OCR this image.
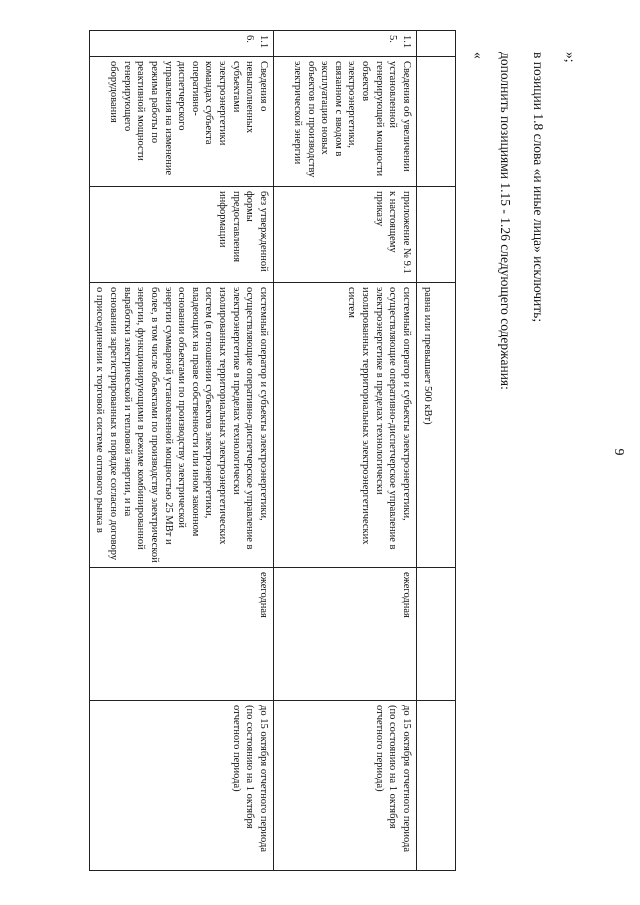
9
»;
в позиции 1.8 слова «и иные лица» исключить;
дополнить позициями 1.15 - 1.26 следующего содержания:
«

			равна или превышает 500 кВт)		
1.15.	Сведения об увеличении установленной генерирующей мощности объектов электроэнергетики, связанном с вводом в эксплуатацию новых объектов по производству электрической энергии	приложение № 9.1 к настоящему приказу	системный оператор и субъекты электроэнергетики, осуществляющие оперативно-диспетчерское управление в электроэнергетике в пределах технологически изолированных территориальных электроэнергетических систем	ежегодная	до 15 октября отчетного периода (по состоянию на 1 октября отчетного периода)
1.16.	Сведения о невыполненных субъектами электроэнергетики командах субъекта оперативно-диспетчерского управления на изменение режима работы по реактивной мощности генерирующего оборудования	без утвержденной формы предоставления информации	системный оператор и субъекты электроэнергетики, осуществляющие оперативно-диспетчерское управление в электроэнергетике в пределах технологически изолированных территориальных электроэнергетических систем (в отношении субъектов электроэнергетики, владеющих на праве собственности или ином законном основании объектами по производству электрической энергии суммарной установленной мощностью 25 МВт и более, в том числе объектами по производству электрической энергии, функционирующими в режиме комбинированной выработки электрической и тепловой энергии, и на основании зарегистрированных в порядке согласно договору о присоединении к торговой системе оптового рынка в	ежегодная	до 15 октября отчетного периода (по состоянию на 1 октября отчетного периода)
